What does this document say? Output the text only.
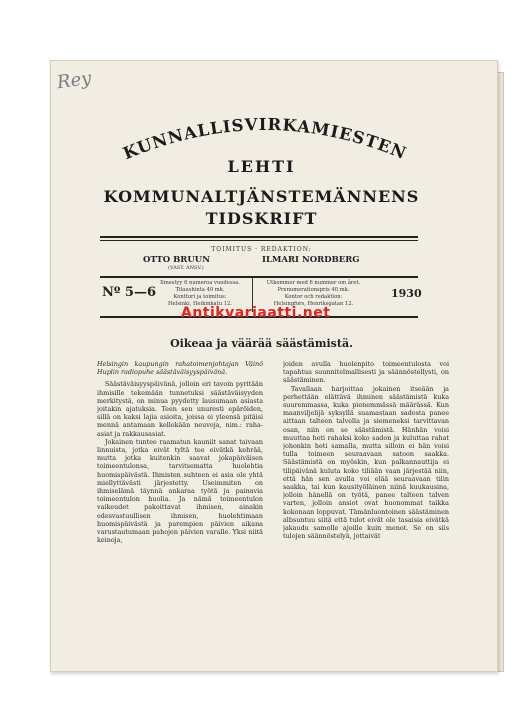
Rey
KUNNALLISVIRKAMIESTEN
LEHTI
KOMMUNALTJÄNSTEMÄNNENS
TIDSKRIFT
TOIMITUS · REDAKTION:
OTTO BRUUN	ILMARI NORDBERG
(VAST. ANSV.)
Nº 5—6
Ilmestyy 6 numeroa vuodessa.
Tilaushinta 40 mk.
Konttori ja toimitus:
Helsinki, Heikinkatu 12.
Utkommer med 6 nummer om året.
Prenumerationspris 40 mk.
Kontor och redaktion:
Helsingfors, Henriksgatan 12.
1930
Antikvariaatti.net
Oikeaa ja väärää säästämistä.

Helsingin kaupungin rahatoimenjohtajan Väinö Huplin radiopuhe säästäväisyyspäivänä.

Säästäväisyyspäivänä, jolloin eri tavoin pyritään ihmisille tekemään tunnetuksi säästäväisyyden merkitystä, on minua pyydetty lausumaan asiasta joitakin ajatuksia. Teen sen unuresti epäröiden, sillä on kaksi lajia asioita, joissa ei yleensä pitäisi mennä antamaan kellekään neuvoja, nim.: raha-asiat ja rakkausasiat.

Jokainen tuntee raamatun kauniit sanat taivaan linnuista, jotka eivät tyltä tee eivätkä kehrää, mutta jotka kuitenkin saavat jokapäiväisen toimeentulonsa, tarvitsematta huolehtia huomispäivästä. Ihmisten suhteen ei asia ole yhtä miellyttävästi järjestetty. Useimmiten on ihmiselämä täynnä ankaraa työtä ja painavia toimeentulon huolia. Ja nämä toimeentulon vaikeudet pakoittavat ihmisen, ainakin edesvastuullisen ihmisen, huolehtimaan huomispäivästä ja parempien päivien aikana varustautumaan pahojen päivien varalle. Yksi niitä keinoja,

joiden avulla huolenpito toimeentulosta voi tapahtua suunnitelmallisesti ja säännöstellysti, on säästäminen.

Tavallaan harjoittaa jokainen itseään ja perhettään elättävä ihminen säästämistä kuka suuremmassa, kuka pienemmässä määrässä. Kun maanviljelijä syksyllä suamastaan sadosta panee aittaan talteen talvella ja siemeneksi tarvittavan osan, niin on se säästämistä. Hänhän voisi muuttaa heti rahaksi koko sadon ja kuluttaa rahat johonkin heti samalla, mutta silloin ei hän voisi tulla toimeen seuraavaan satoon saakka. Säästämistä on myöskin, kun palkannauttija ei tilipäivänä kuluta koko tiliään vaan järjestää niin, että hän sen avulla voi elää seuraavaan tilin saakka, tai kun kausityöläinen niinä kuukausina, jolloin hänellä on työtä, panee talteen talven varten, jolloin ansiot ovat huonommat taikka kokonaan loppuvat. Tämänluontoinen säästäminen albsuntuu siitä että tulot eivät ole tasaisia eivätkä jakaudu samolle ajoille kuin menot. Se on siis tulojen säännöstelyä, jottaivät
